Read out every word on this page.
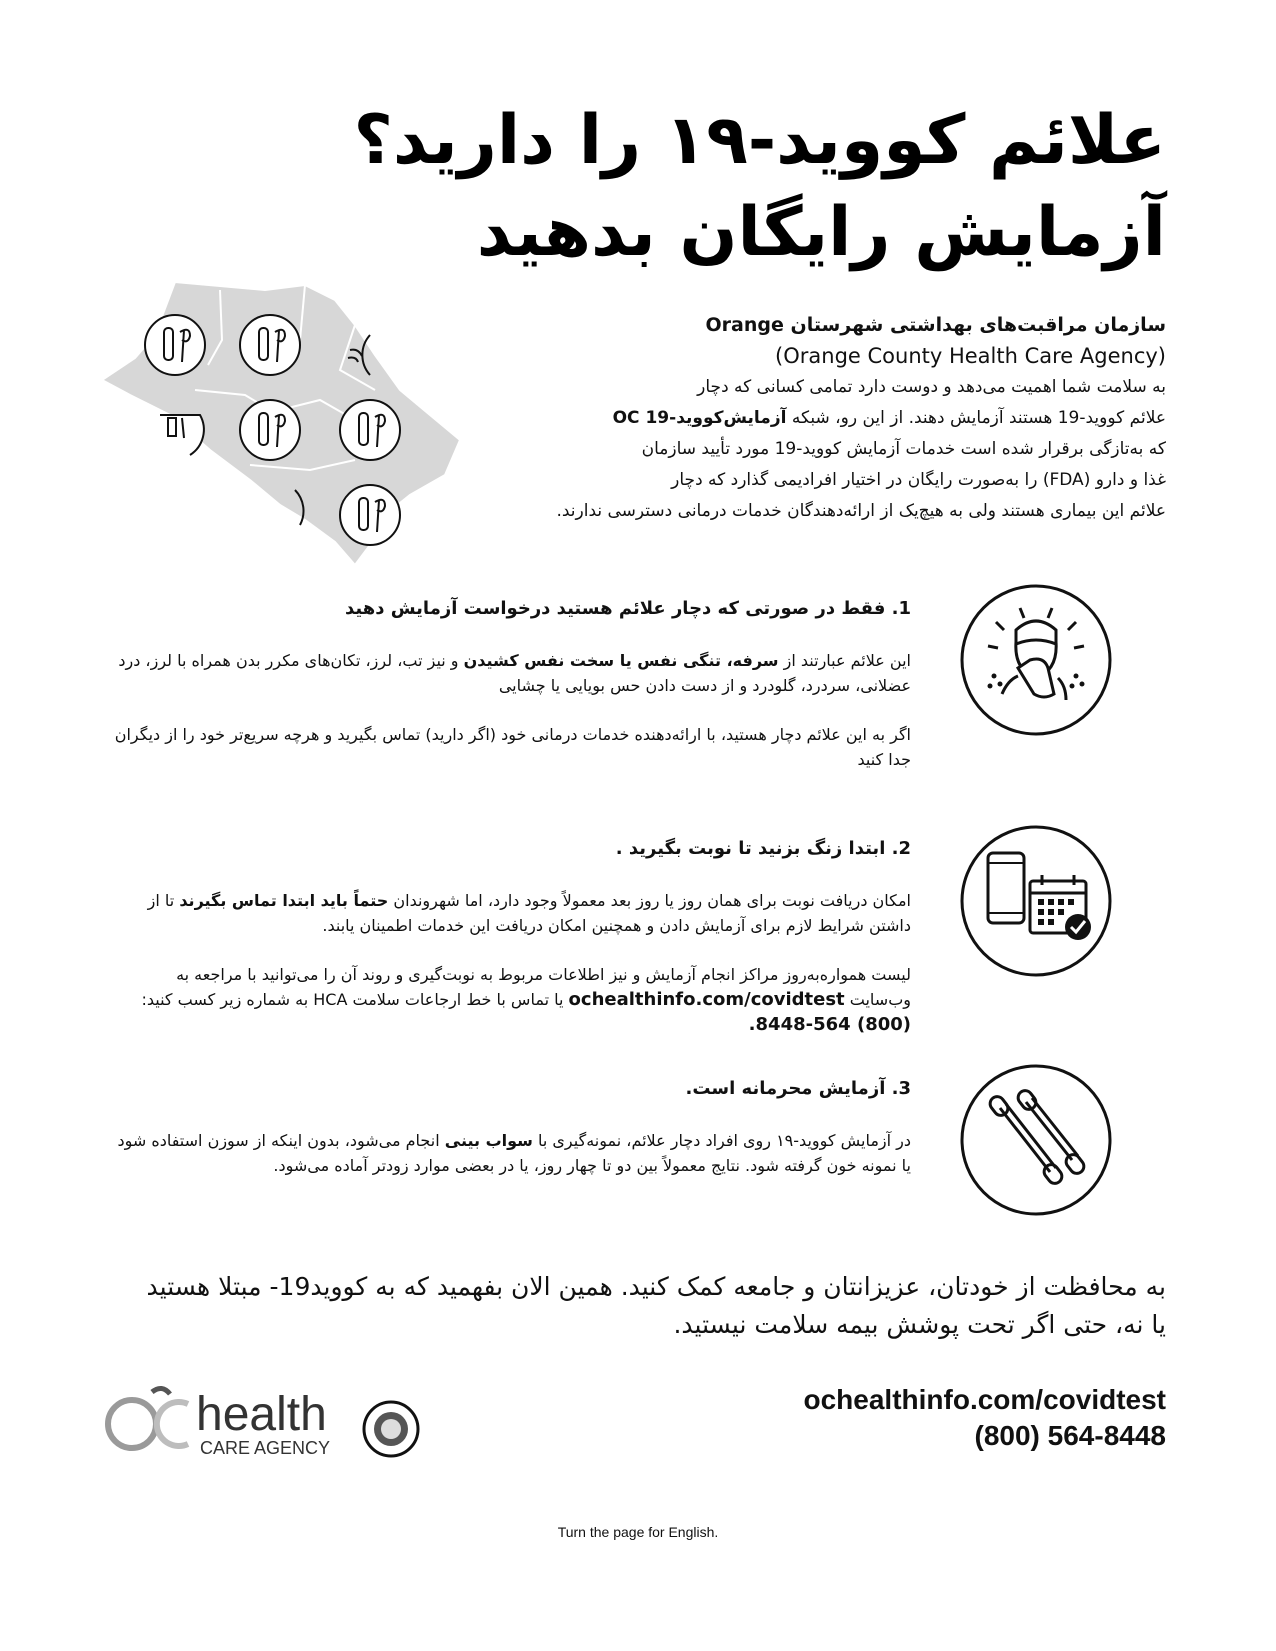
علائم کووید-۱۹ را دارید؟
آزمایش رایگان بدهید
سازمان مراقبت‌های بهداشتی شهرستان Orange
(Orange County Health Care Agency)
به سلامت شما اهمیت می‌دهد و دوست دارد تمامی کسانی که دچار
علائم کووید-19 هستند آزمایش دهند. از این رو، شبکه آزمایش‌کووید-19 OC
که به‌تازگی برقرار شده است خدمات آزمایش کووید-19 مورد تأیید سازمان
غذا و دارو (FDA) را به‌صورت رایگان در اختیار افرادیمی گذارد که دچار
علائم این بیماری هستند ولی به هیچ‌یک از ارائه‌دهندگان خدمات درمانی دسترسی ندارند.
1. فقط در صورتی که دچار علائم هستید درخواست آزمایش دهید
این علائم عبارتند از سرفه، تنگی نفس یا سخت نفس کشیدن و نیز تب، لرز، تکان‌های مکرر بدن همراه با لرز، درد عضلانی، سردرد، گلودرد و از دست دادن حس بویایی یا چشایی
اگر به این علائم دچار هستید، با ارائه‌دهنده خدمات درمانی خود (اگر دارید) تماس بگیرید و هرچه سریع‌تر خود را از دیگران جدا کنید
2. ابتدا زنگ بزنید تا نوبت بگیرید .
امکان دریافت نوبت برای همان روز یا روز بعد معمولاً وجود دارد، اما شهروندان حتماً باید ابتدا تماس بگیرند تا از داشتن شرایط لازم برای آزمایش دادن و همچنین امکان دریافت این خدمات اطمینان یابند.
لیست همواره‌به‌روز مراکز انجام آزمایش و نیز اطلاعات مربوط به نوبت‌گیری و روند آن را می‌توانید با مراجعه به وب‌سایت ochealthinfo.com/covidtest یا تماس با خط ارجاعات سلامت HCA به شماره زیر کسب کنید: (800) 564-8448.
3. آزمایش محرمانه است.
در آزمایش کووید-۱۹ روی افراد دچار علائم، نمونه‌گیری با سواب بینی انجام می‌شود، بدون اینکه از سوزن استفاده شود یا نمونه خون گرفته شود. نتایج معمولاً بین دو تا چهار روز، یا در بعضی موارد زودتر آماده می‌شود.
به محافظت از خودتان، عزیزانتان و جامعه کمک کنید. همین الان بفهمید که به کووید19- مبتلا هستید یا نه، حتی اگر تحت پوشش بیمه سلامت نیستید.
health
CARE AGENCY
ochealthinfo.com/covidtest
(800) 564-8448
Turn the page for English.
